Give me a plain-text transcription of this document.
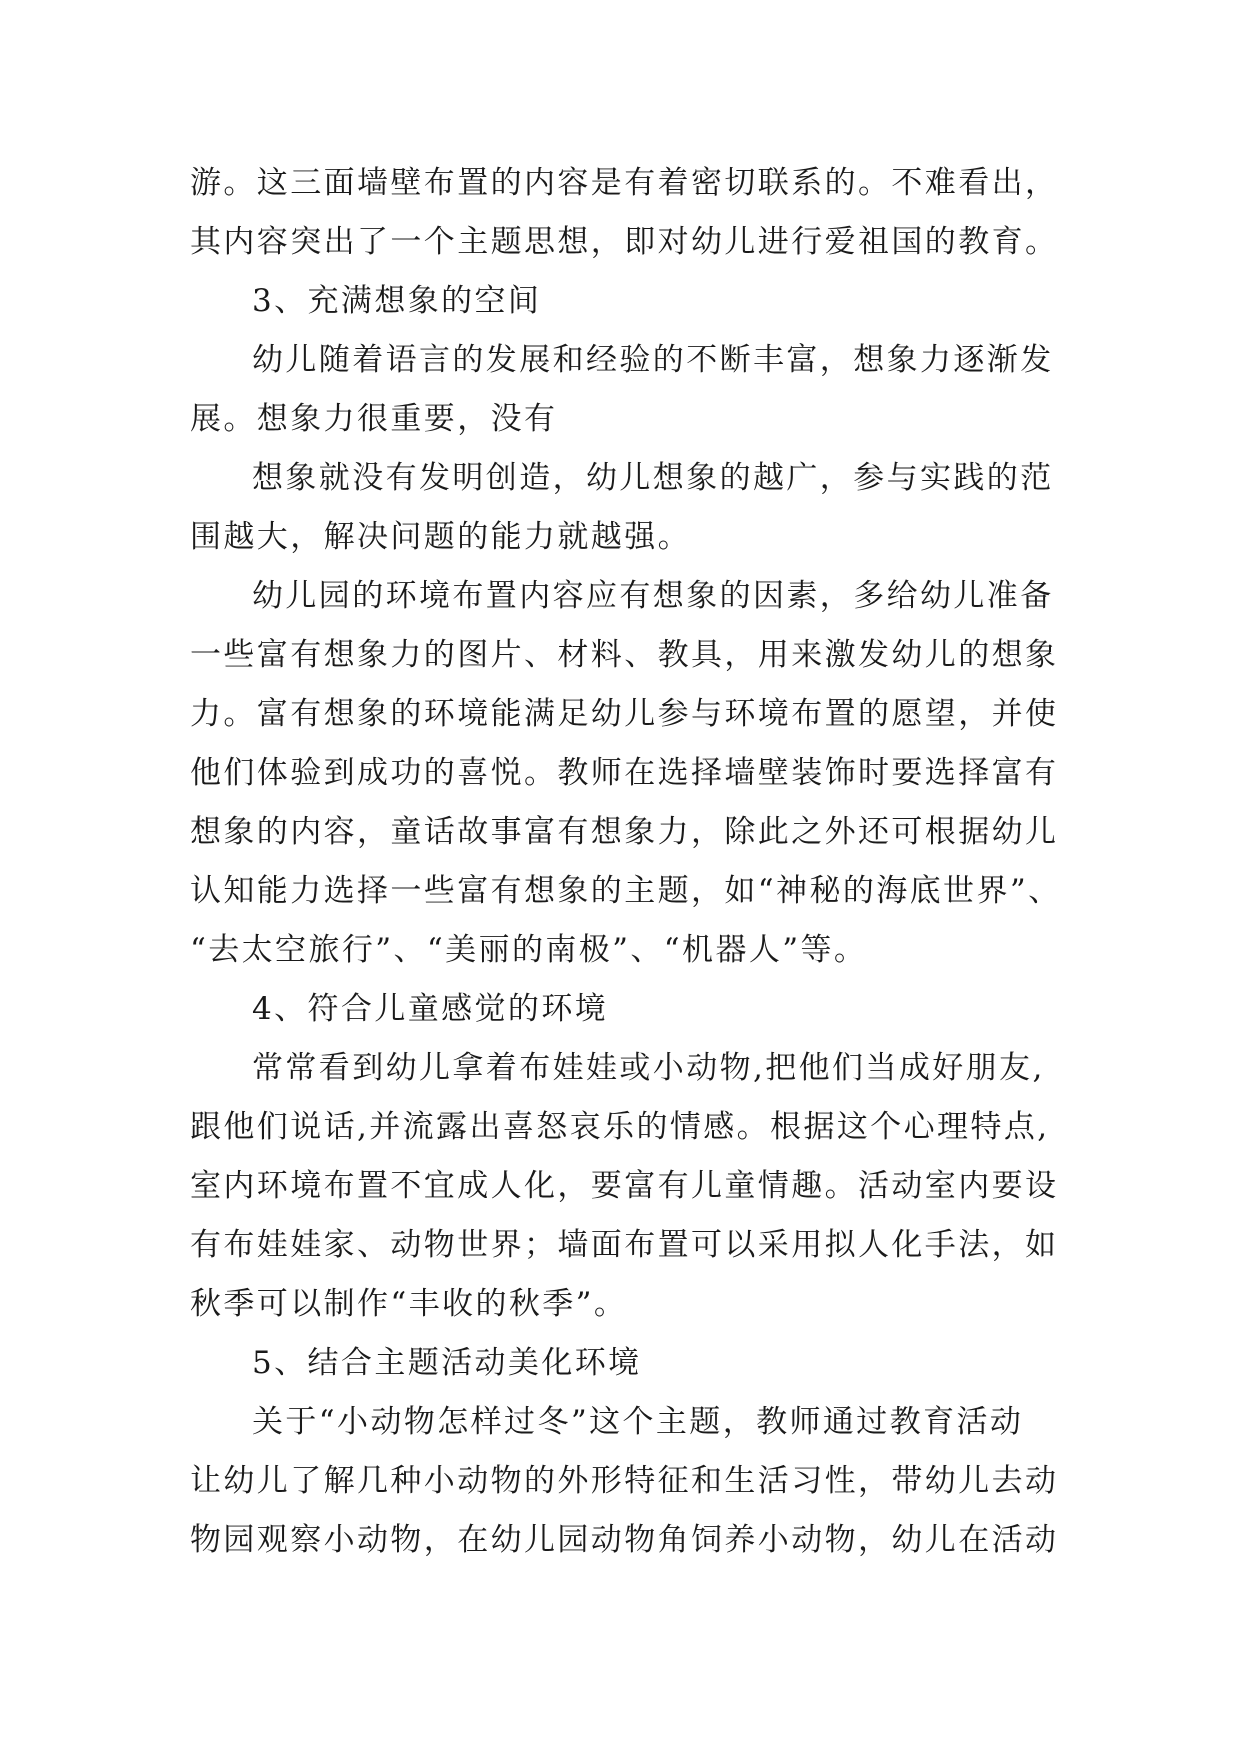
游。这三面墙壁布置的内容是有着密切联系的。不难看出，
其内容突出了一个主题思想，即对幼儿进行爱祖国的教育。
3、充满想象的空间
幼儿随着语言的发展和经验的不断丰富，想象力逐渐发
展。想象力很重要，没有
想象就没有发明创造，幼儿想象的越广，参与实践的范
围越大，解决问题的能力就越强。
幼儿园的环境布置内容应有想象的因素，多给幼儿准备
一些富有想象力的图片、材料、教具，用来激发幼儿的想象
力。富有想象的环境能满足幼儿参与环境布置的愿望，并使
他们体验到成功的喜悦。教师在选择墙壁装饰时要选择富有
想象的内容，童话故事富有想象力，除此之外还可根据幼儿
认知能力选择一些富有想象的主题，如“神秘的海底世界”、
“去太空旅行”、“美丽的南极”、“机器人”等。
4、符合儿童感觉的环境
常常看到幼儿拿着布娃娃或小动物,把他们当成好朋友,
跟他们说话,并流露出喜怒哀乐的情感。根据这个心理特点,
室内环境布置不宜成人化，要富有儿童情趣。活动室内要设
有布娃娃家、动物世界；墙面布置可以采用拟人化手法，如
秋季可以制作“丰收的秋季”。
5、结合主题活动美化环境
关于“小动物怎样过冬”这个主题，教师通过教育活动
让幼儿了解几种小动物的外形特征和生活习性，带幼儿去动
物园观察小动物，在幼儿园动物角饲养小动物，幼儿在活动
